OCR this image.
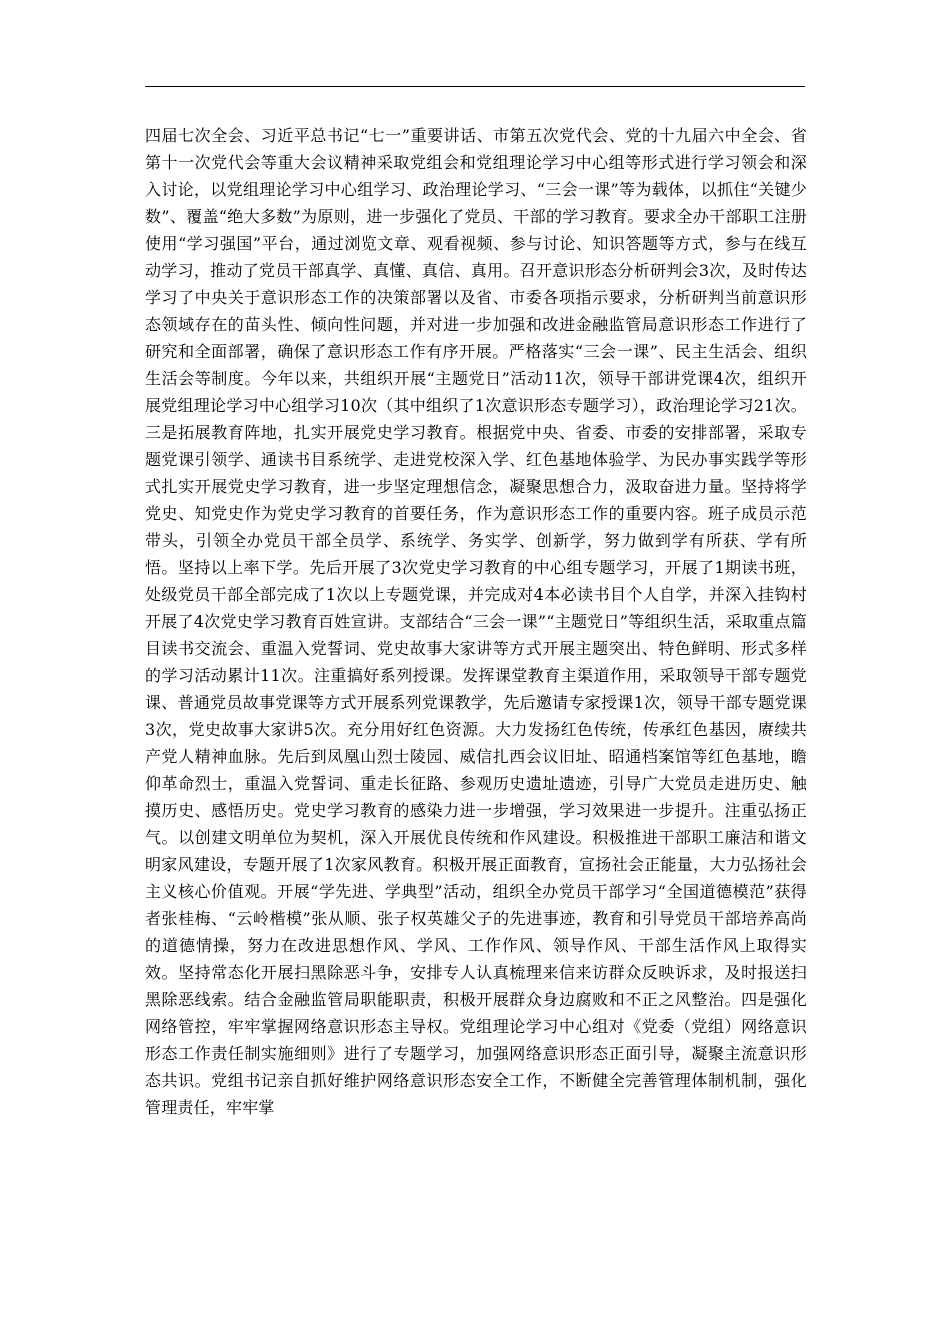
四届七次全会、习近平总书记“七一”重要讲话、市第五次党代会、党的十九届六中全会、省第十一次党代会等重大会议精神采取党组会和党组理论学习中心组等形式进行学习领会和深入讨论，以党组理论学习中心组学习、政治理论学习、“三会一课”等为载体，以抓住“关键少数”、覆盖“绝大多数”为原则，进一步强化了党员、干部的学习教育。要求全办干部职工注册使用“学习强国”平台，通过浏览文章、观看视频、参与讨论、知识答题等方式，参与在线互动学习，推动了党员干部真学、真懂、真信、真用。召开意识形态分析研判会3次，及时传达学习了中央关于意识形态工作的决策部署以及省、市委各项指示要求，分析研判当前意识形态领域存在的苗头性、倾向性问题，并对进一步加强和改进金融监管局意识形态工作进行了研究和全面部署，确保了意识形态工作有序开展。严格落实“三会一课”、民主生活会、组织生活会等制度。今年以来，共组织开展“主题党日”活动11次，领导干部讲党课4次，组织开展党组理论学习中心组学习10次（其中组织了1次意识形态专题学习），政治理论学习21次。三是拓展教育阵地，扎实开展党史学习教育。根据党中央、省委、市委的安排部署，采取专题党课引领学、通读书目系统学、走进党校深入学、红色基地体验学、为民办事实践学等形式扎实开展党史学习教育，进一步坚定理想信念，凝聚思想合力，汲取奋进力量。坚持将学党史、知党史作为党史学习教育的首要任务，作为意识形态工作的重要内容。班子成员示范带头，引领全办党员干部全员学、系统学、务实学、创新学，努力做到学有所获、学有所悟。坚持以上率下学。先后开展了3次党史学习教育的中心组专题学习，开展了1期读书班，处级党员干部全部完成了1次以上专题党课，并完成对4本必读书目个人自学，并深入挂钩村开展了4次党史学习教育百姓宣讲。支部结合“三会一课”“主题党日”等组织生活，采取重点篇目读书交流会、重温入党誓词、党史故事大家讲等方式开展主题突出、特色鲜明、形式多样的学习活动累计11次。注重搞好系列授课。发挥课堂教育主渠道作用，采取领导干部专题党课、普通党员故事党课等方式开展系列党课教学，先后邀请专家授课1次，领导干部专题党课3次，党史故事大家讲5次。充分用好红色资源。大力发扬红色传统，传承红色基因，赓续共产党人精神血脉。先后到凤凰山烈士陵园、威信扎西会议旧址、昭通档案馆等红色基地，瞻仰革命烈士，重温入党誓词、重走长征路、参观历史遗址遗迹，引导广大党员走进历史、触摸历史、感悟历史。党史学习教育的感染力进一步增强，学习效果进一步提升。注重弘扬正气。以创建文明单位为契机，深入开展优良传统和作风建设。积极推进干部职工廉洁和谐文明家风建设，专题开展了1次家风教育。积极开展正面教育，宣扬社会正能量，大力弘扬社会主义核心价值观。开展“学先进、学典型”活动，组织全办党员干部学习“全国道德模范”获得者张桂梅、“云岭楷模”张从顺、张子权英雄父子的先进事迹，教育和引导党员干部培养高尚的道德情操，努力在改进思想作风、学风、工作作风、领导作风、干部生活作风上取得实效。坚持常态化开展扫黑除恶斗争，安排专人认真梳理来信来访群众反映诉求，及时报送扫黑除恶线索。结合金融监管局职能职责，积极开展群众身边腐败和不正之风整治。四是强化网络管控，牢牢掌握网络意识形态主导权。党组理论学习中心组对《党委（党组）网络意识形态工作责任制实施细则》进行了专题学习，加强网络意识形态正面引导，凝聚主流意识形态共识。党组书记亲自抓好维护网络意识形态安全工作，不断健全完善管理体制机制，强化管理责任，牢牢掌
